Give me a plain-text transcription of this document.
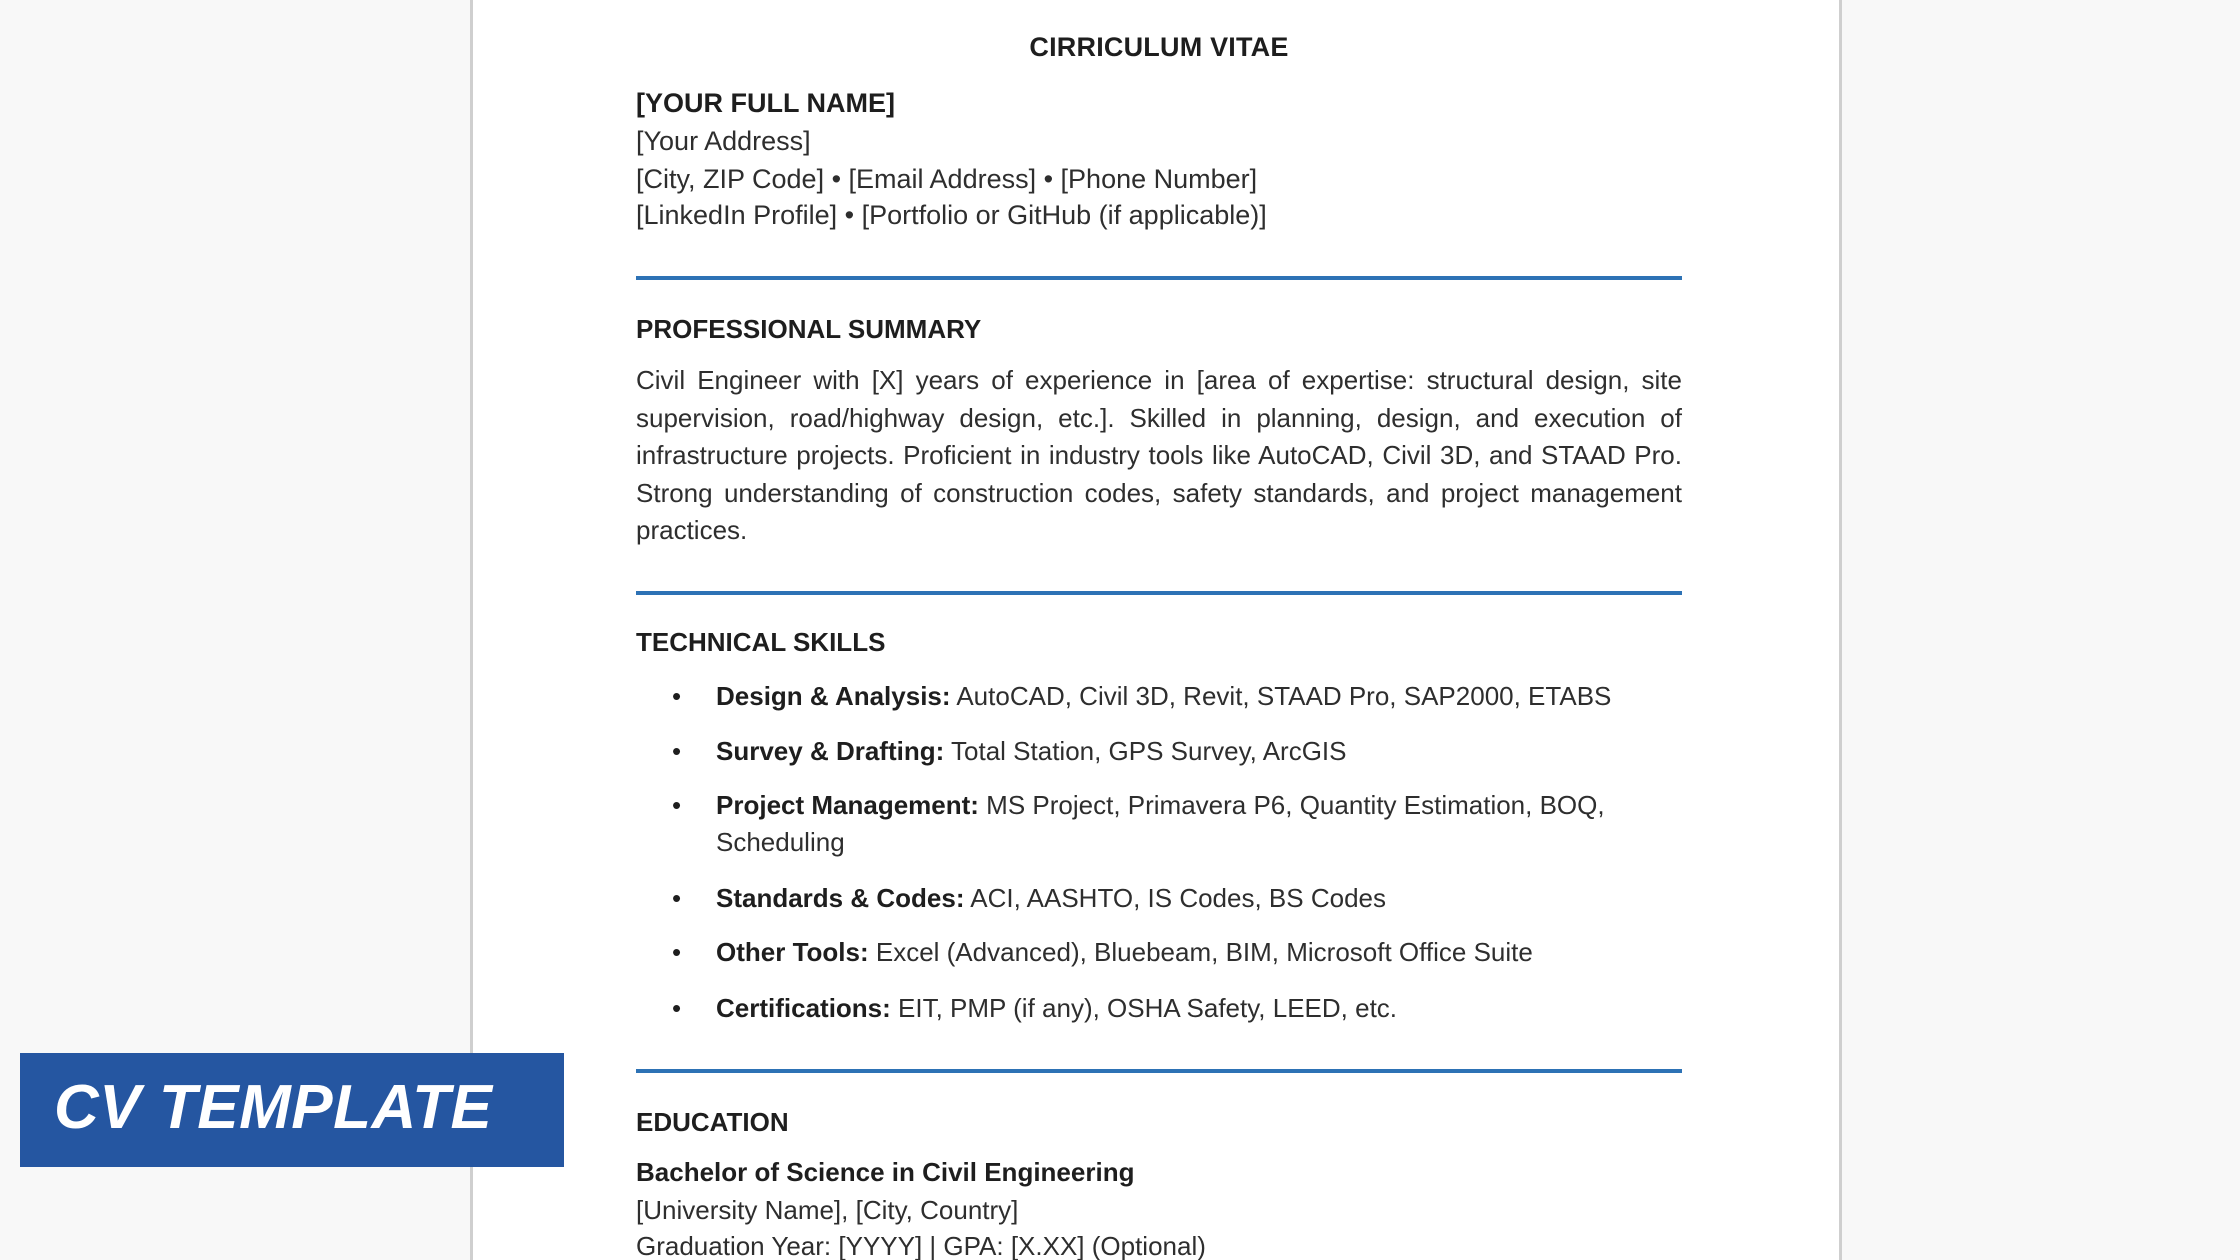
CIRRICULUM VITAE
[YOUR FULL NAME]
[Your Address]
[City, ZIP Code] • [Email Address] • [Phone Number]
[LinkedIn Profile] • [Portfolio or GitHub (if applicable)]
PROFESSIONAL SUMMARY

Civil Engineer with [X] years of experience in [area of expertise: structural design, site supervision, road/highway design, etc.]. Skilled in planning, design, and execution of infrastructure projects. Proficient in industry tools like AutoCAD, Civil 3D, and STAAD Pro. Strong understanding of construction codes, safety standards, and project management practices.

TECHNICAL SKILLS
• Design & Analysis: AutoCAD, Civil 3D, Revit, STAAD Pro, SAP2000, ETABS
• Survey & Drafting: Total Station, GPS Survey, ArcGIS
• Project Management: MS Project, Primavera P6, Quantity Estimation, BOQ, Scheduling
• Standards & Codes: ACI, AASHTO, IS Codes, BS Codes
• Other Tools: Excel (Advanced), Bluebeam, BIM, Microsoft Office Suite
• Certifications: EIT, PMP (if any), OSHA Safety, LEED, etc.
EDUCATION
Bachelor of Science in Civil Engineering
[University Name], [City, Country]
Graduation Year: [YYYY] | GPA: [X.XX] (Optional)
CV TEMPLATE
